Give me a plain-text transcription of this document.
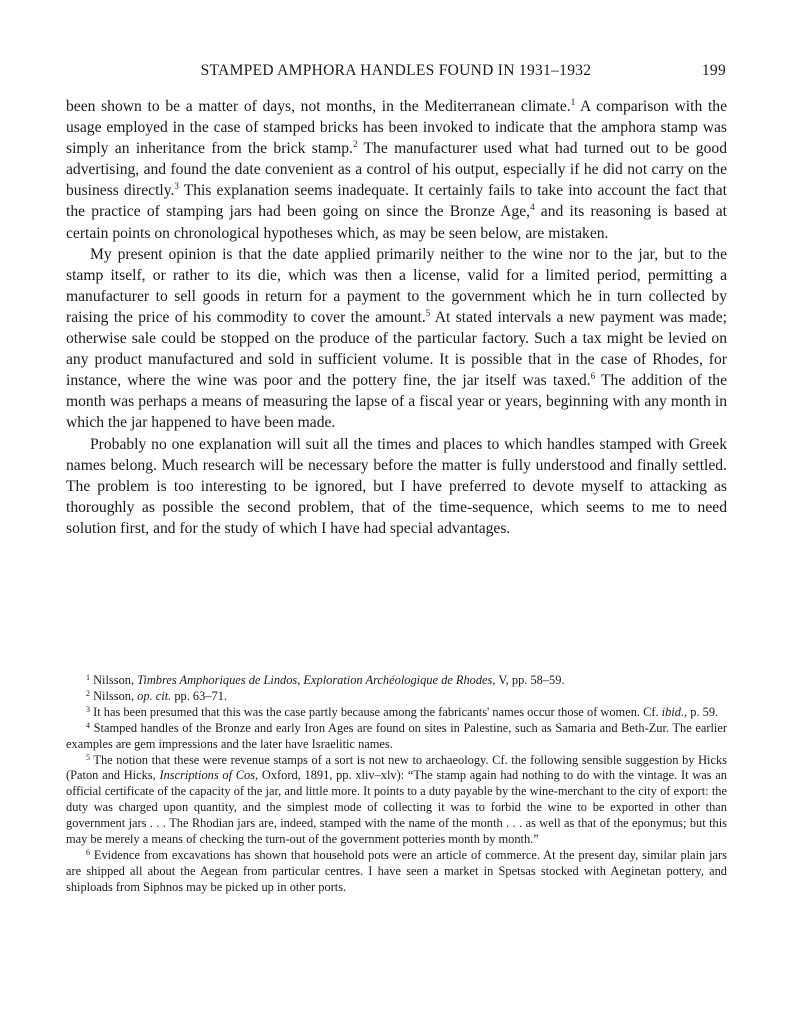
STAMPED AMPHORA HANDLES FOUND IN 1931–1932	199

been shown to be a matter of days, not months, in the Mediterranean climate.$^1$ A comparison with the usage employed in the case of stamped bricks has been invoked to indicate that the amphora stamp was simply an inheritance from the brick stamp.$^2$ The manufacturer used what had turned out to be good advertising, and found the date convenient as a control of his output, especially if he did not carry on the business directly.$^3$ This explanation seems inadequate. It certainly fails to take into account the fact that the practice of stamping jars had been going on since the Bronze Age,$^4$ and its reasoning is based at certain points on chronological hypotheses which, as may be seen below, are mistaken.

My present opinion is that the date applied primarily neither to the wine nor to the jar, but to the stamp itself, or rather to its die, which was then a license, valid for a limited period, permitting a manufacturer to sell goods in return for a payment to the government which he in turn collected by raising the price of his commodity to cover the amount.$^5$ At stated intervals a new payment was made; otherwise sale could be stopped on the produce of the particular factory. Such a tax might be levied on any product manufactured and sold in sufficient volume. It is possible that in the case of Rhodes, for instance, where the wine was poor and the pottery fine, the jar itself was taxed.$^6$ The addition of the month was perhaps a means of measuring the lapse of a fiscal year or years, beginning with any month in which the jar happened to have been made.

Probably no one explanation will suit all the times and places to which handles stamped with Greek names belong. Much research will be necessary before the matter is fully understood and finally settled. The problem is too interesting to be ignored, but I have preferred to devote myself to attacking as thoroughly as possible the second problem, that of the time-sequence, which seems to me to need solution first, and for the study of which I have had special advantages.

$^1$ Nilsson, Timbres Amphoriques de Lindos, Exploration Archéologique de Rhodes, V, pp. 58–59.

$^2$ Nilsson, op. cit. pp. 63–71.

$^3$ It has been presumed that this was the case partly because among the fabricants' names occur those of women. Cf. ibid., p. 59.

$^4$ Stamped handles of the Bronze and early Iron Ages are found on sites in Palestine, such as Samaria and Beth-Zur. The earlier examples are gem impressions and the later have Israelitic names.

$^5$ The notion that these were revenue stamps of a sort is not new to archaeology. Cf. the following sensible suggestion by Hicks (Paton and Hicks, Inscriptions of Cos, Oxford, 1891, pp. xliv–xlv): “The stamp again had nothing to do with the vintage. It was an official certificate of the capacity of the jar, and little more. It points to a duty payable by the wine-merchant to the city of export: the duty was charged upon quantity, and the simplest mode of collecting it was to forbid the wine to be exported in other than government jars . . . The Rhodian jars are, indeed, stamped with the name of the month . . . as well as that of the eponymus; but this may be merely a means of checking the turn-out of the government potteries month by month.”

$^6$ Evidence from excavations has shown that household pots were an article of commerce. At the present day, similar plain jars are shipped all about the Aegean from particular centres. I have seen a market in Spetsas stocked with Aeginetan pottery, and shiploads from Siphnos may be picked up in other ports.
